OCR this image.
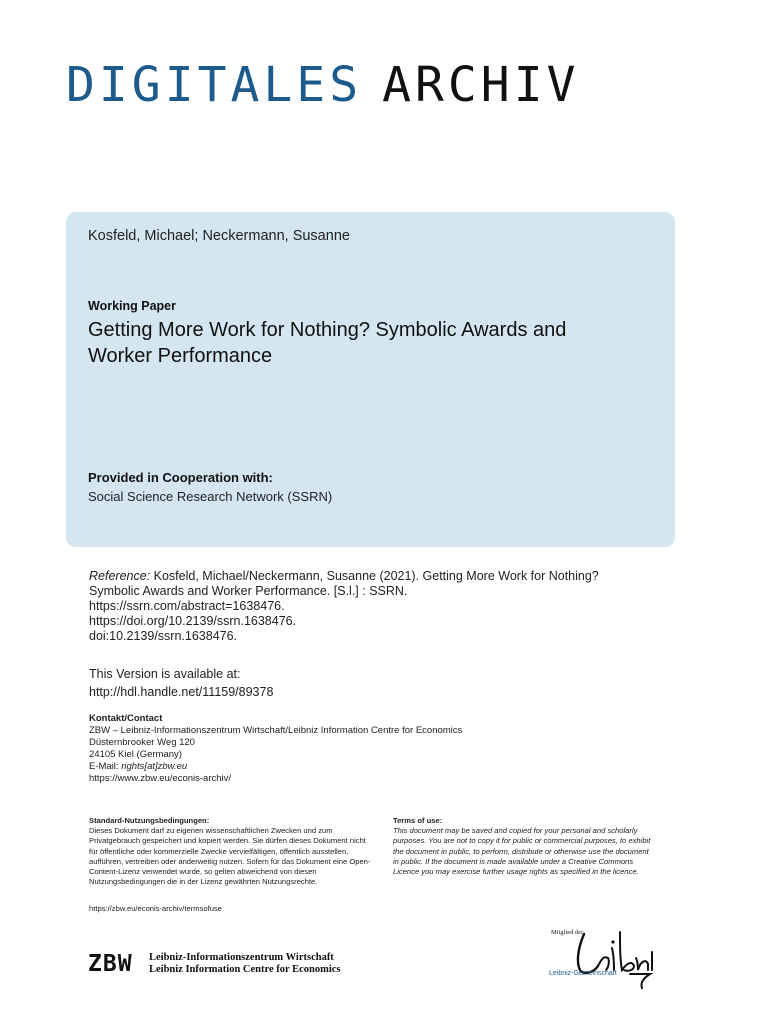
DIGITALES ARCHIV
Kosfeld, Michael; Neckermann, Susanne
Working Paper
Getting More Work for Nothing? Symbolic Awards and Worker Performance
Provided in Cooperation with:
Social Science Research Network (SSRN)
Reference: Kosfeld, Michael/Neckermann, Susanne (2021). Getting More Work for Nothing? Symbolic Awards and Worker Performance. [S.l.] : SSRN.
https://ssrn.com/abstract=1638476.
https://doi.org/10.2139/ssrn.1638476.
doi:10.2139/ssrn.1638476.
This Version is available at:
http://hdl.handle.net/11159/89378
Kontakt/Contact
ZBW – Leibniz-Informationszentrum Wirtschaft/Leibniz Information Centre for Economics
Düsternbrooker Weg 120
24105 Kiel (Germany)
E-Mail: rights[at]zbw.eu
https://www.zbw.eu/econis-archiv/
Standard-Nutzungsbedingungen:
Dieses Dokument darf zu eigenen wissenschaftlichen Zwecken und zum Privatgebrauch gespeichert und kopiert werden. Sie dürfen dieses Dokument nicht für öffentliche oder kommerzielle Zwecke vervielfältigen, öffentlich ausstellen, aufführen, vertreiben oder anderweitig nutzen. Sofern für das Dokument eine Open-Content-Lizenz verwendet wurde, so gelten abweichend von diesen Nutzungsbedingungen die in der Lizenz gewährten Nutzungsrechte.
https://zbw.eu/econis-archiv/termsofuse
Terms of use:
This document may be saved and copied for your personal and scholarly purposes. You are not to copy it for public or commercial purposes, to exhibit the document in public, to perform, distribute or otherwise use the document in public. If the document is made available under a Creative Commons Licence you may exercise further usage rights as specified in the licence.
ZBW Leibniz-Informationszentrum Wirtschaft
Leibniz Information Centre for Economics
Mitglied der
Leibniz-Gemeinschaft
